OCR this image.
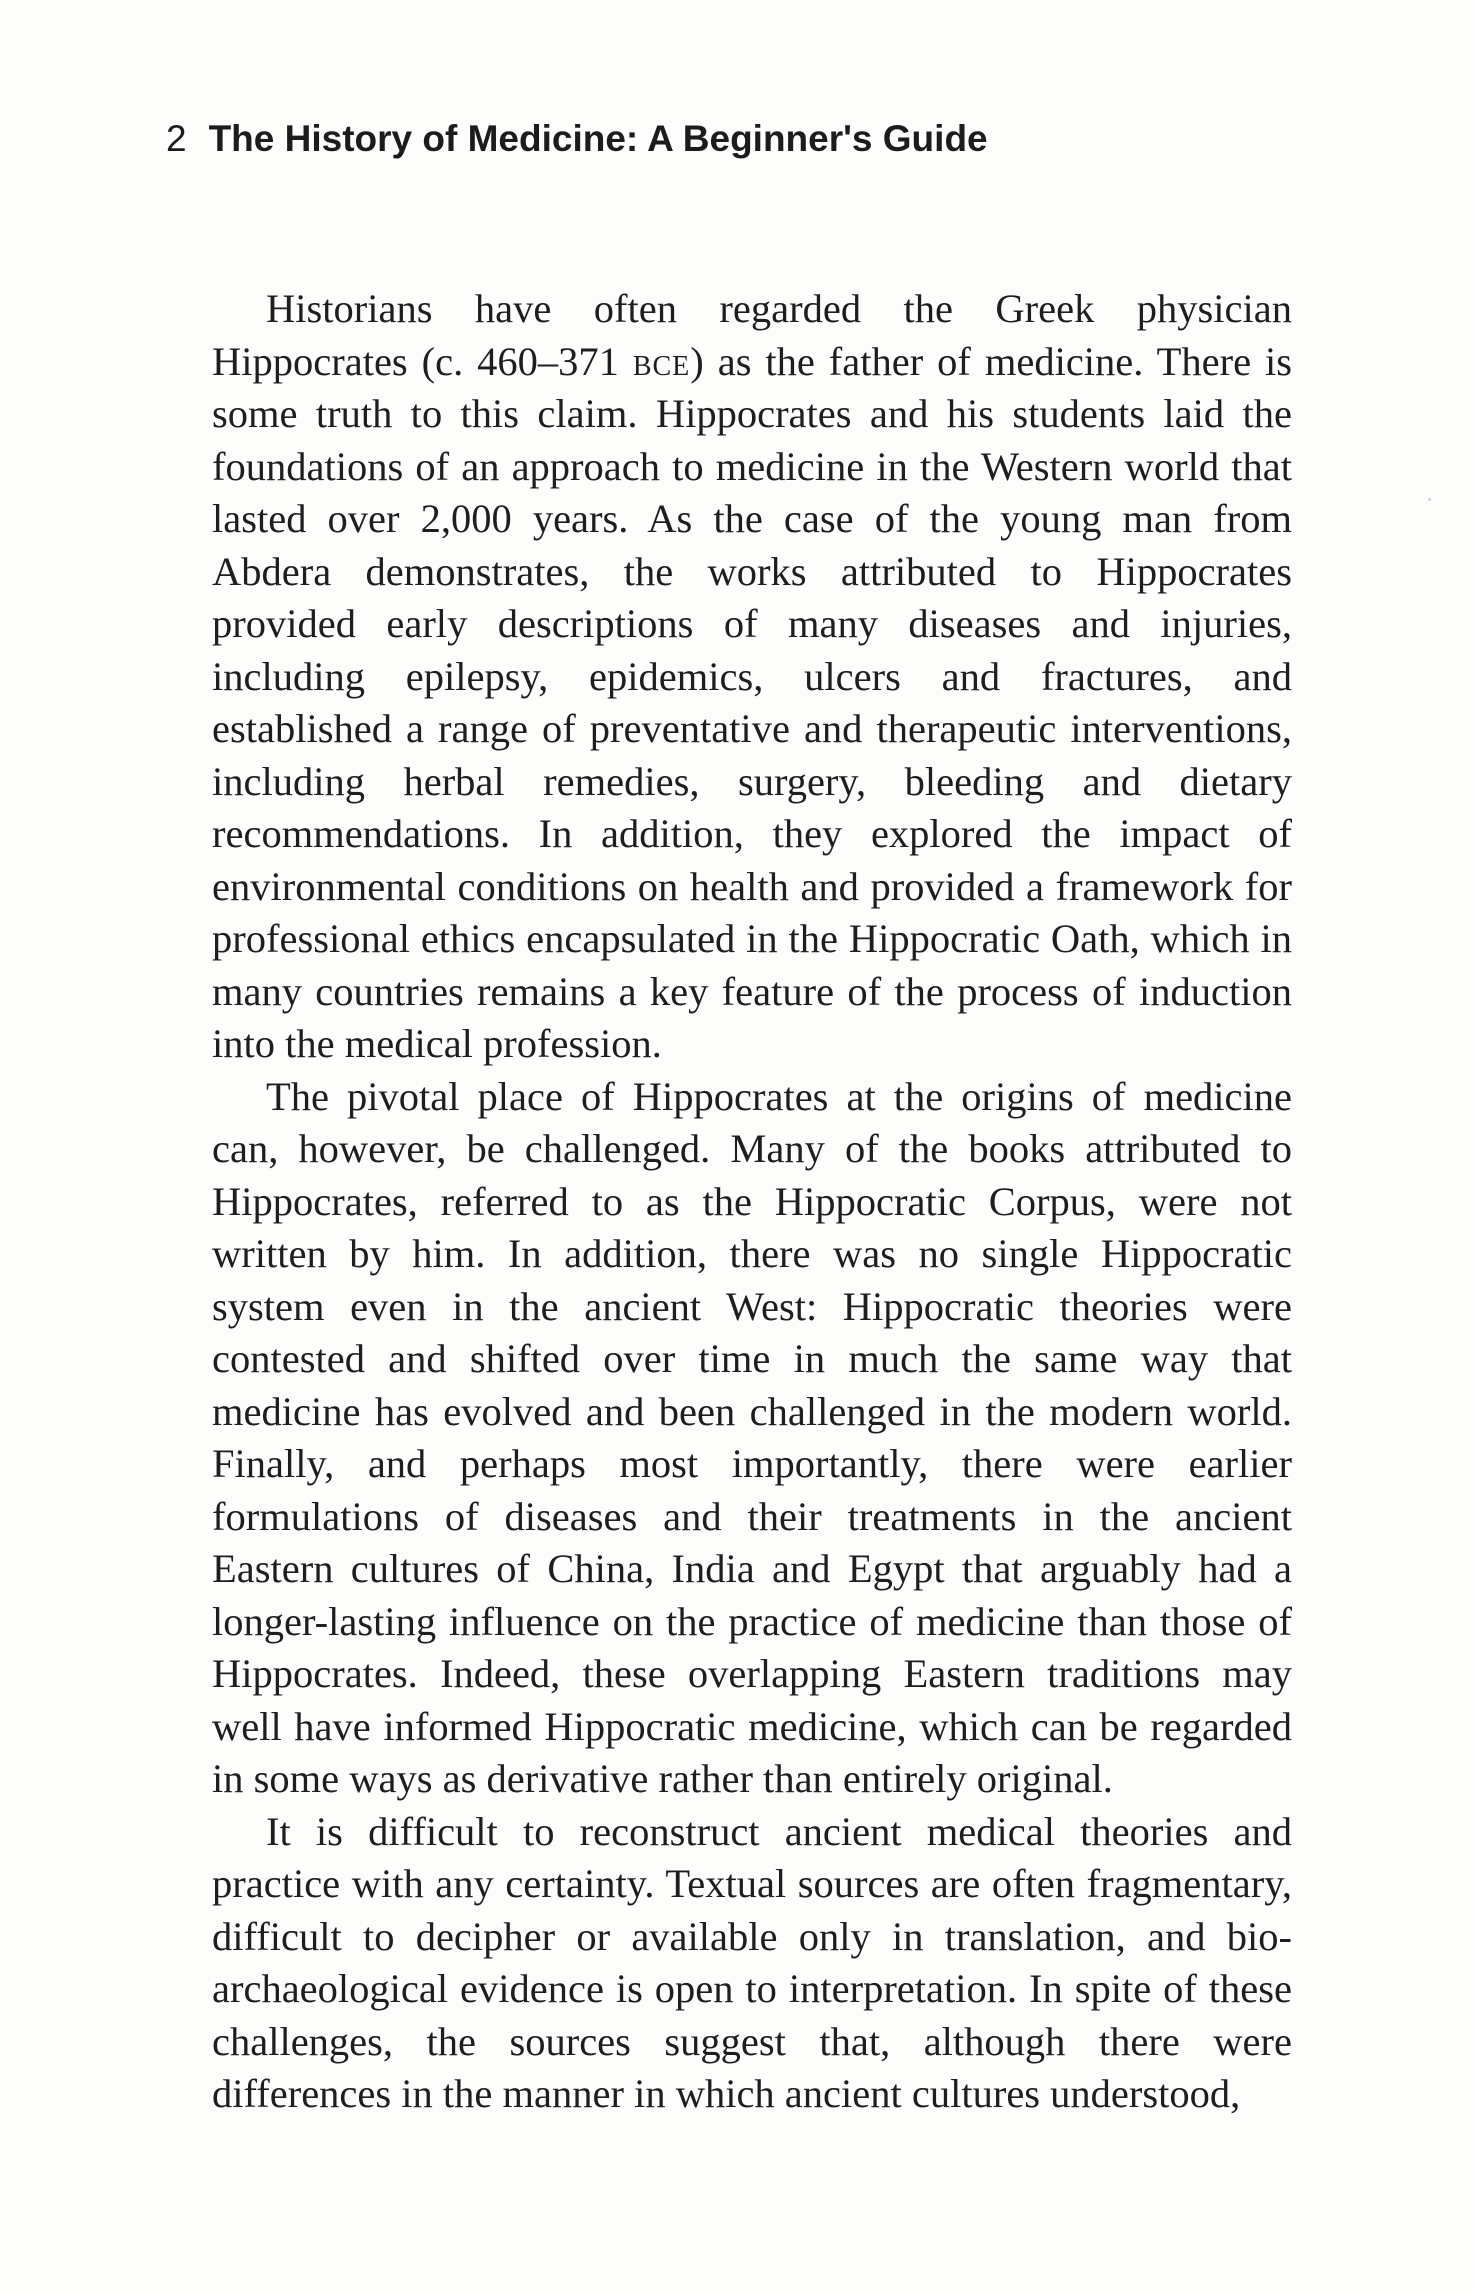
2 The History of Medicine: A Beginner's Guide

Historians have often regarded the Greek physician Hippocrates (c. 460–371 bce) as the father of medicine. There is some truth to this claim. Hippocrates and his students laid the foundations of an approach to medicine in the Western world that lasted over 2,000 years. As the case of the young man from Abdera demonstrates, the works attributed to Hippocrates provided early descriptions of many diseases and injuries, including epilepsy, epidemics, ulcers and fractures, and established a range of preventative and therapeutic interventions, including herbal remedies, surgery, bleeding and dietary recommendations. In addition, they explored the impact of environmental conditions on health and provided a framework for professional ethics encapsulated in the Hippocratic Oath, which in many countries remains a key feature of the process of induction into the medical profession.

The pivotal place of Hippocrates at the origins of medicine can, however, be challenged. Many of the books attributed to Hippocrates, referred to as the Hippocratic Corpus, were not written by him. In addition, there was no single Hippocratic system even in the ancient West: Hippocratic theories were contested and shifted over time in much the same way that medicine has evolved and been challenged in the modern world. Finally, and perhaps most importantly, there were earlier formulations of diseases and their treatments in the ancient Eastern cultures of China, India and Egypt that arguably had a longer-lasting influence on the practice of medicine than those of Hippocrates. Indeed, these overlapping Eastern traditions may well have informed Hippocratic medicine, which can be regarded in some ways as derivative rather than entirely original.

It is difficult to reconstruct ancient medical theories and practice with any certainty. Textual sources are often fragmentary, difficult to decipher or available only in translation, and bio-archaeological evidence is open to interpretation. In spite of these challenges, the sources suggest that, although there were differences in the manner in which ancient cultures understood,
